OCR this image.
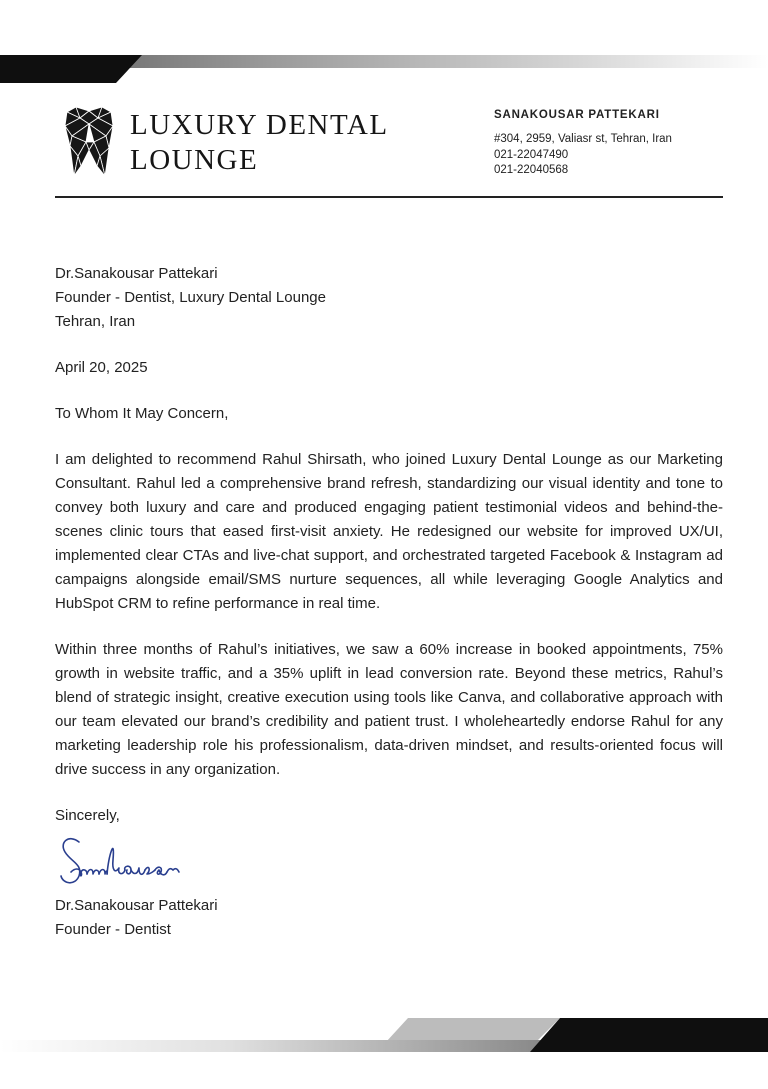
LUXURY DENTAL
LOUNGE
SANAKOUSAR PATTEKARI
#304, 2959, Valiasr st, Tehran, Iran
021-22047490
021-22040568

Dr.Sanakousar Pattekari
Founder - Dentist, Luxury Dental Lounge
Tehran, Iran

April 20, 2025

To Whom It May Concern,

I am delighted to recommend Rahul Shirsath, who joined Luxury Dental Lounge as our Marketing Consultant. Rahul led a comprehensive brand refresh, standardizing our visual identity and tone to convey both luxury and care and produced engaging patient testimonial videos and behind-the-scenes clinic tours that eased first-visit anxiety. He redesigned our website for improved UX/UI, implemented clear CTAs and live-chat support, and orchestrated targeted Facebook & Instagram ad campaigns alongside email/SMS nurture sequences, all while leveraging Google Analytics and HubSpot CRM to refine performance in real time.

Within three months of Rahul’s initiatives, we saw a 60% increase in booked appointments, 75% growth in website traffic, and a 35% uplift in lead conversion rate. Beyond these metrics, Rahul’s blend of strategic insight, creative execution using tools like Canva, and collaborative approach with our team elevated our brand’s credibility and patient trust. I wholeheartedly endorse Rahul for any marketing leadership role his professionalism, data-driven mindset, and results-oriented focus will drive success in any organization.

Sincerely,

Dr.Sanakousar Pattekari
Founder - Dentist
